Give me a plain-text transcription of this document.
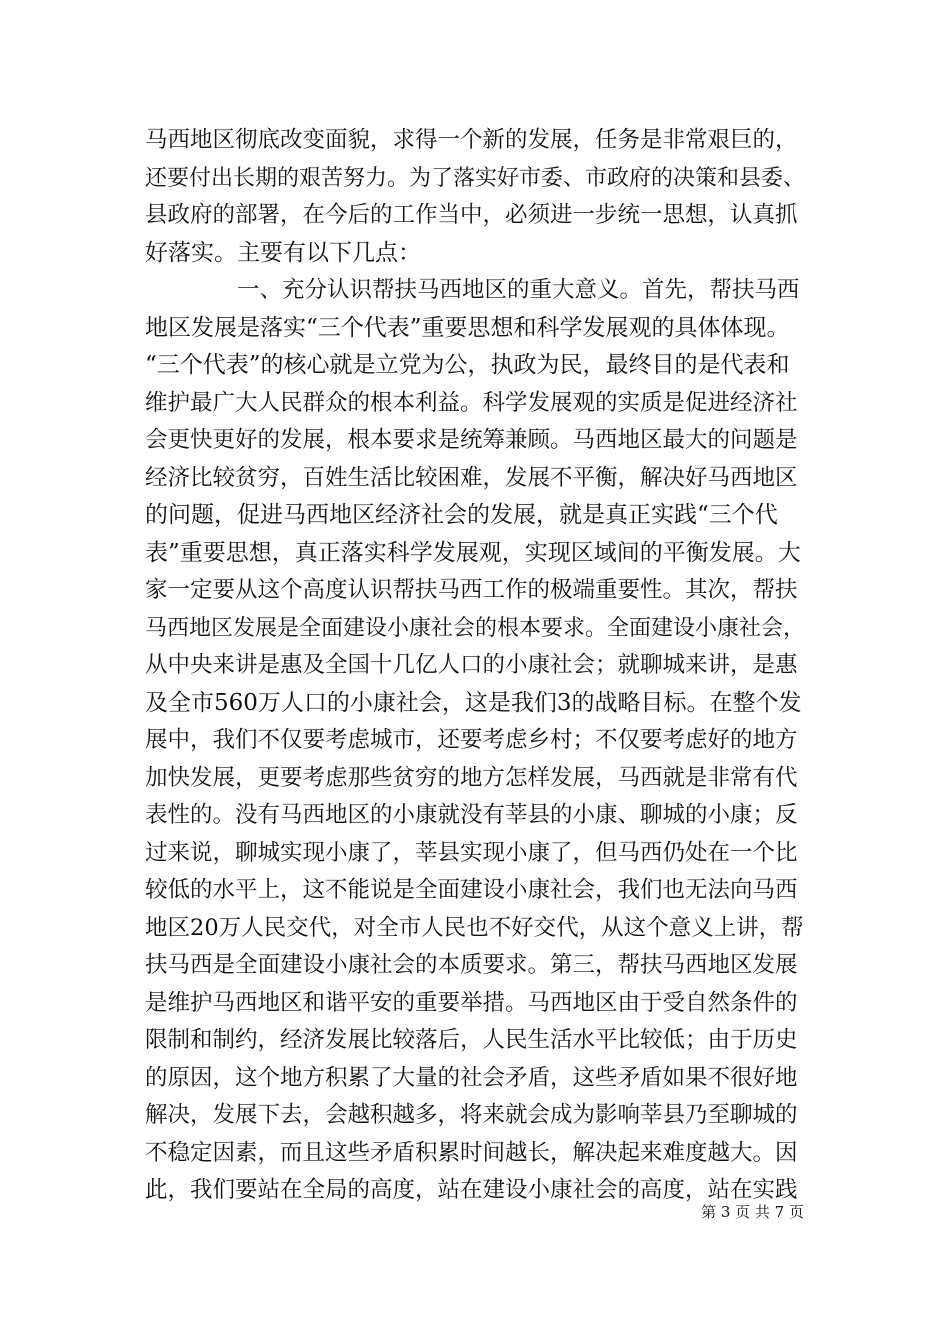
马西地区彻底改变面貌，求得一个新的发展，任务是非常艰巨的，
还要付出长期的艰苦努力。为了落实好市委、市政府的决策和县委、
县政府的部署，在今后的工作当中，必须进一步统一思想，认真抓
好落实。主要有以下几点：
一、充分认识帮扶马西地区的重大意义。首先，帮扶马西
地区发展是落实“三个代表”重要思想和科学发展观的具体体现。
“三个代表”的核心就是立党为公，执政为民，最终目的是代表和
维护最广大人民群众的根本利益。科学发展观的实质是促进经济社
会更快更好的发展，根本要求是统筹兼顾。马西地区最大的问题是
经济比较贫穷，百姓生活比较困难，发展不平衡，解决好马西地区
的问题，促进马西地区经济社会的发展，就是真正实践“三个代
表”重要思想，真正落实科学发展观，实现区域间的平衡发展。大
家一定要从这个高度认识帮扶马西工作的极端重要性。其次，帮扶
马西地区发展是全面建设小康社会的根本要求。全面建设小康社会，
从中央来讲是惠及全国十几亿人口的小康社会；就聊城来讲，是惠
及全市560万人口的小康社会，这是我们3的战略目标。在整个发
展中，我们不仅要考虑城市，还要考虑乡村；不仅要考虑好的地方
加快发展，更要考虑那些贫穷的地方怎样发展，马西就是非常有代
表性的。没有马西地区的小康就没有莘县的小康、聊城的小康；反
过来说，聊城实现小康了，莘县实现小康了，但马西仍处在一个比
较低的水平上，这不能说是全面建设小康社会，我们也无法向马西
地区20万人民交代，对全市人民也不好交代，从这个意义上讲，帮
扶马西是全面建设小康社会的本质要求。第三，帮扶马西地区发展
是维护马西地区和谐平安的重要举措。马西地区由于受自然条件的
限制和制约，经济发展比较落后，人民生活水平比较低；由于历史
的原因，这个地方积累了大量的社会矛盾，这些矛盾如果不很好地
解决，发展下去，会越积越多，将来就会成为影响莘县乃至聊城的
不稳定因素，而且这些矛盾积累时间越长，解决起来难度越大。因
此，我们要站在全局的高度，站在建设小康社会的高度，站在实践
第 3 页 共 7 页
